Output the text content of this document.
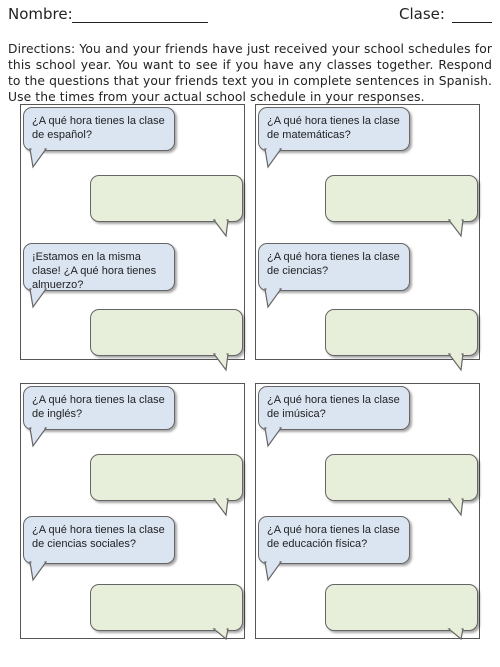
Nombre:	Clase:
Directions: You and your friends have just received your school schedules for this school year. You want to see if you have any classes together. Respond to the questions that your friends text you in complete sentences in Spanish. Use the times from your actual school schedule in your responses.
¿A qué hora tienes la clase de español?
¡Estamos en la misma clase! ¿A qué hora tienes almuerzo?
¿A qué hora tienes la clase de matemáticas?
¿A qué hora tienes la clase de ciencias?
¿A qué hora tienes la clase de inglés?
¿A qué hora tienes la clase de ciencias sociales?
¿A qué hora tienes la clase de imúsica?
¿A qué hora tienes la clase de educación física?
